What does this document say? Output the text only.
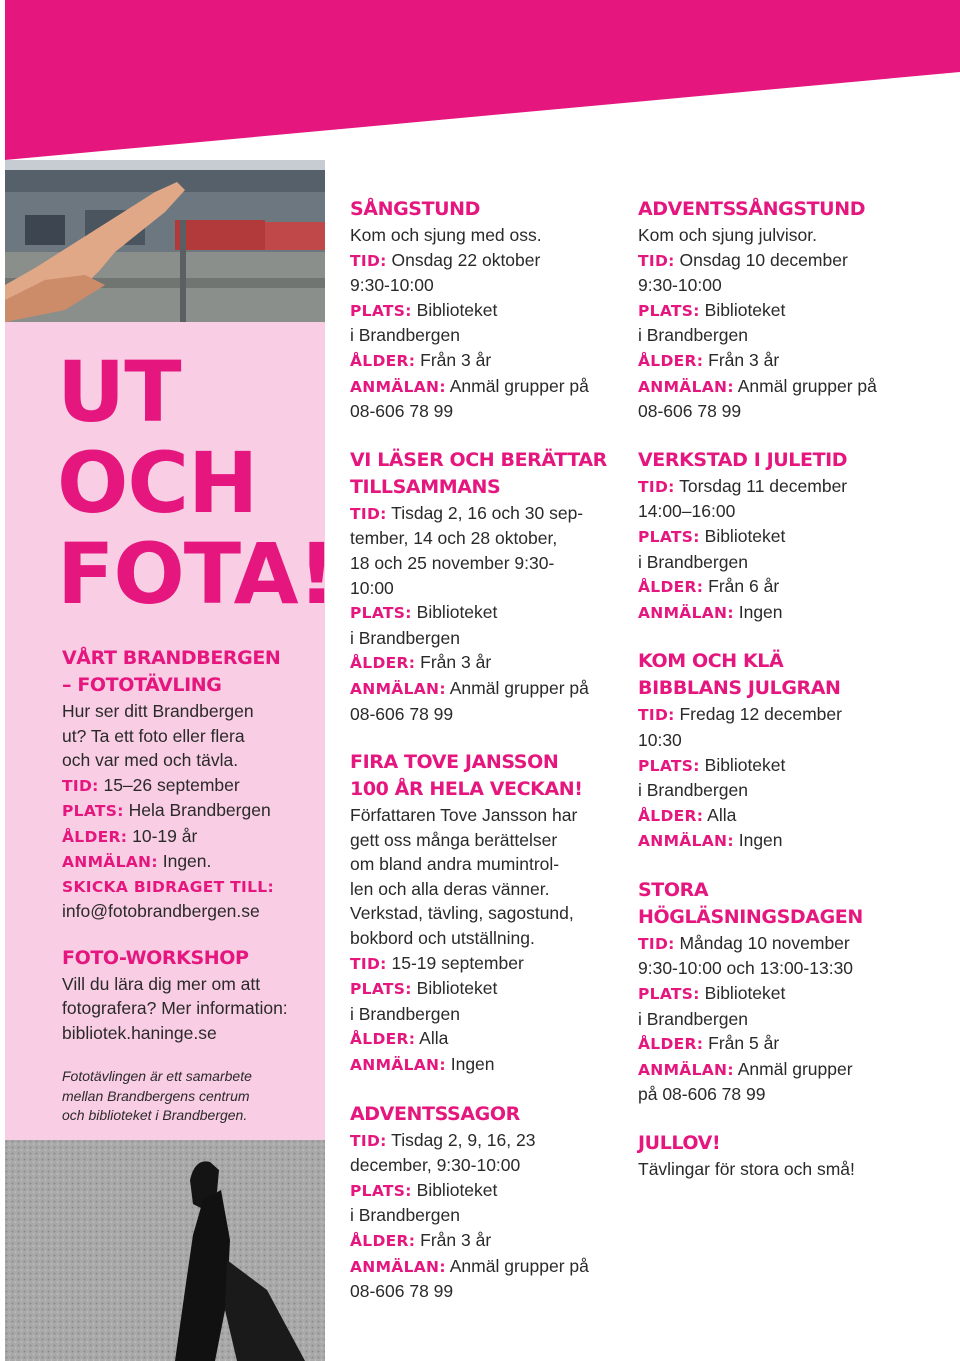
BIBLIOTEKET I BRANDBERGEN
UT
OCH
FOTA!
VÅRT BRANDBERGEN
– FOTOTÄVLING
Hur ser ditt Brandbergen
ut? Ta ett foto eller flera
och var med och tävla.
TID: 15–26 september
PLATS: Hela Brandbergen
ÅLDER: 10-19 år
ANMÄLAN: Ingen.
SKICKA BIDRAGET TILL:
info@fotobrandbergen.se
FOTO-WORKSHOP
Vill du lära dig mer om att
fotografera? Mer information:
bibliotek.haninge.se
Fototävlingen är ett samarbete
mellan Brandbergens centrum
och biblioteket i Brandbergen.
SÅNGSTUND
Kom och sjung med oss.
TID: Onsdag 22 oktober
9:30-10:00
PLATS: Biblioteket
i Brandbergen
ÅLDER: Från 3 år
ANMÄLAN: Anmäl grupper på
08-606 78 99
VI LÄSER OCH BERÄTTAR
TILLSAMMANS
TID: Tisdag 2, 16 och 30 sep-
tember, 14 och 28 oktober,
18 och 25 november 9:30-
10:00
PLATS: Biblioteket
i Brandbergen
ÅLDER: Från 3 år
ANMÄLAN: Anmäl grupper på
08-606 78 99
FIRA TOVE JANSSON
100 ÅR HELA VECKAN!
Författaren Tove Jansson har
gett oss många berättelser
om bland andra mumintrol-
len och alla deras vänner.
Verkstad, tävling, sagostund,
bokbord och utställning.
TID: 15-19 september
PLATS: Biblioteket
i Brandbergen
ÅLDER: Alla
ANMÄLAN: Ingen
ADVENTSSAGOR
TID: Tisdag 2, 9, 16, 23
december, 9:30-10:00
PLATS: Biblioteket
i Brandbergen
ÅLDER: Från 3 år
ANMÄLAN: Anmäl grupper på
08-606 78 99
ADVENTSSÅNGSTUND
Kom och sjung julvisor.
TID: Onsdag 10 december
9:30-10:00
PLATS: Biblioteket
i Brandbergen
ÅLDER: Från 3 år
ANMÄLAN: Anmäl grupper på
08-606 78 99
VERKSTAD I JULETID
TID: Torsdag 11 december
14:00–16:00
PLATS: Biblioteket
i Brandbergen
ÅLDER: Från 6 år
ANMÄLAN: Ingen
KOM OCH KLÄ
BIBBLANS JULGRAN
TID: Fredag 12 december
10:30
PLATS: Biblioteket
i Brandbergen
ÅLDER: Alla
ANMÄLAN: Ingen
STORA
HÖGLÄSNINGSDAGEN
TID: Måndag 10 november
9:30-10:00 och 13:00-13:30
PLATS: Biblioteket
i Brandbergen
ÅLDER: Från 5 år
ANMÄLAN: Anmäl grupper
på 08-606 78 99
JULLOV!
Tävlingar för stora och små!
